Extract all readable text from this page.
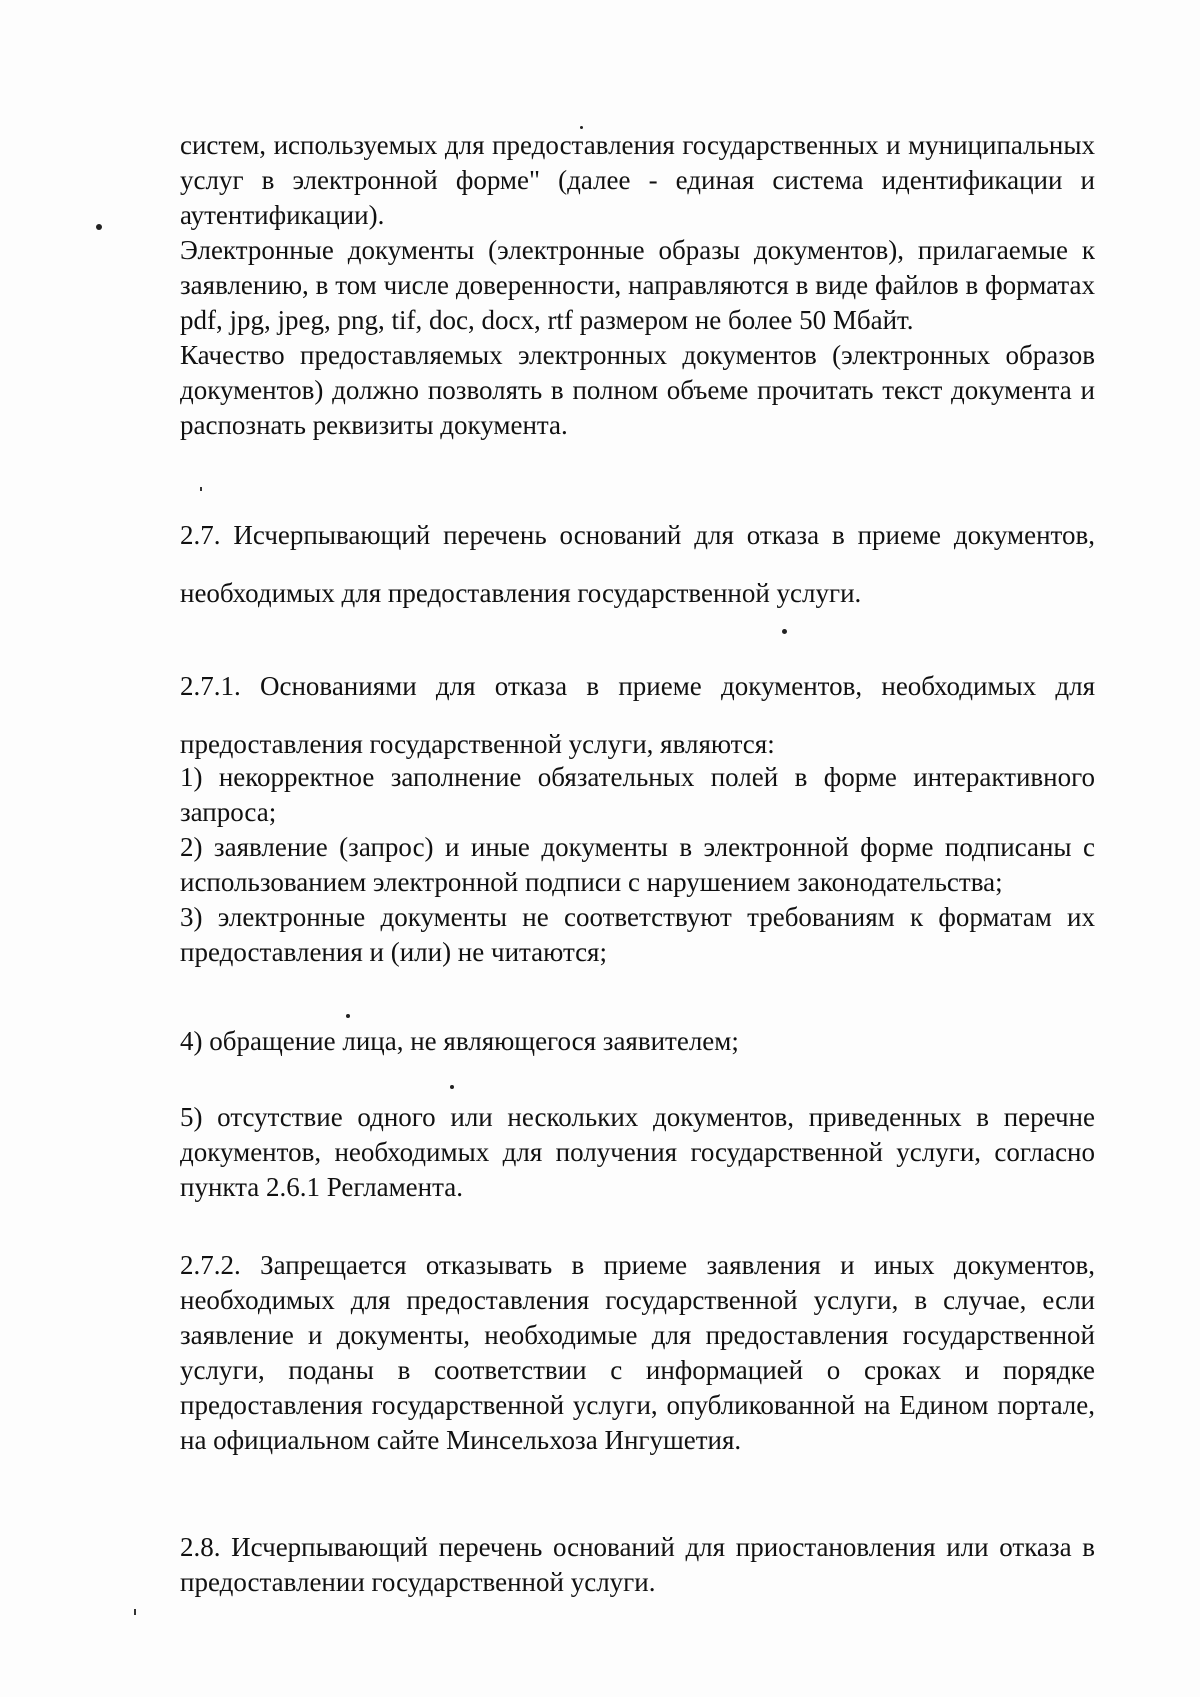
систем, используемых для предоставления государственных и муниципальных услуг в электронной форме" (далее - единая система идентификации и аутентификации).

Электронные документы (электронные образы документов), прилагаемые к заявлению, в том числе доверенности, направляются в виде файлов в форматах pdf, jpg, jpeg, png, tif, doc, docx, rtf размером не более 50 Мбайт.

Качество предоставляемых электронных документов (электронных образов документов) должно позволять в полном объеме прочитать текст документа и распознать реквизиты документа.

2.7. Исчерпывающий перечень оснований для отказа в приеме документов, необходимых для предоставления государственной услуги.

2.7.1. Основаниями для отказа в приеме документов, необходимых для предоставления государственной услуги, являются:

1) некорректное заполнение обязательных полей в форме интерактивного запроса;

2) заявление (запрос) и иные документы в электронной форме подписаны с использованием электронной подписи с нарушением законодательства;

3) электронные документы не соответствуют требованиям к форматам их предоставления и (или) не читаются;

4) обращение лица, не являющегося заявителем;

5) отсутствие одного или нескольких документов, приведенных в перечне документов, необходимых для получения государственной услуги, согласно пункта 2.6.1 Регламента.

2.7.2. Запрещается отказывать в приеме заявления и иных документов, необходимых для предоставления государственной услуги, в случае, если заявление и документы, необходимые для предоставления государственной услуги, поданы в соответствии с информацией о сроках и порядке предоставления государственной услуги, опубликованной на Едином портале, на официальном сайте Минсельхоза Ингушетия.

2.8. Исчерпывающий перечень оснований для приостановления или отказа в предоставлении государственной услуги.
